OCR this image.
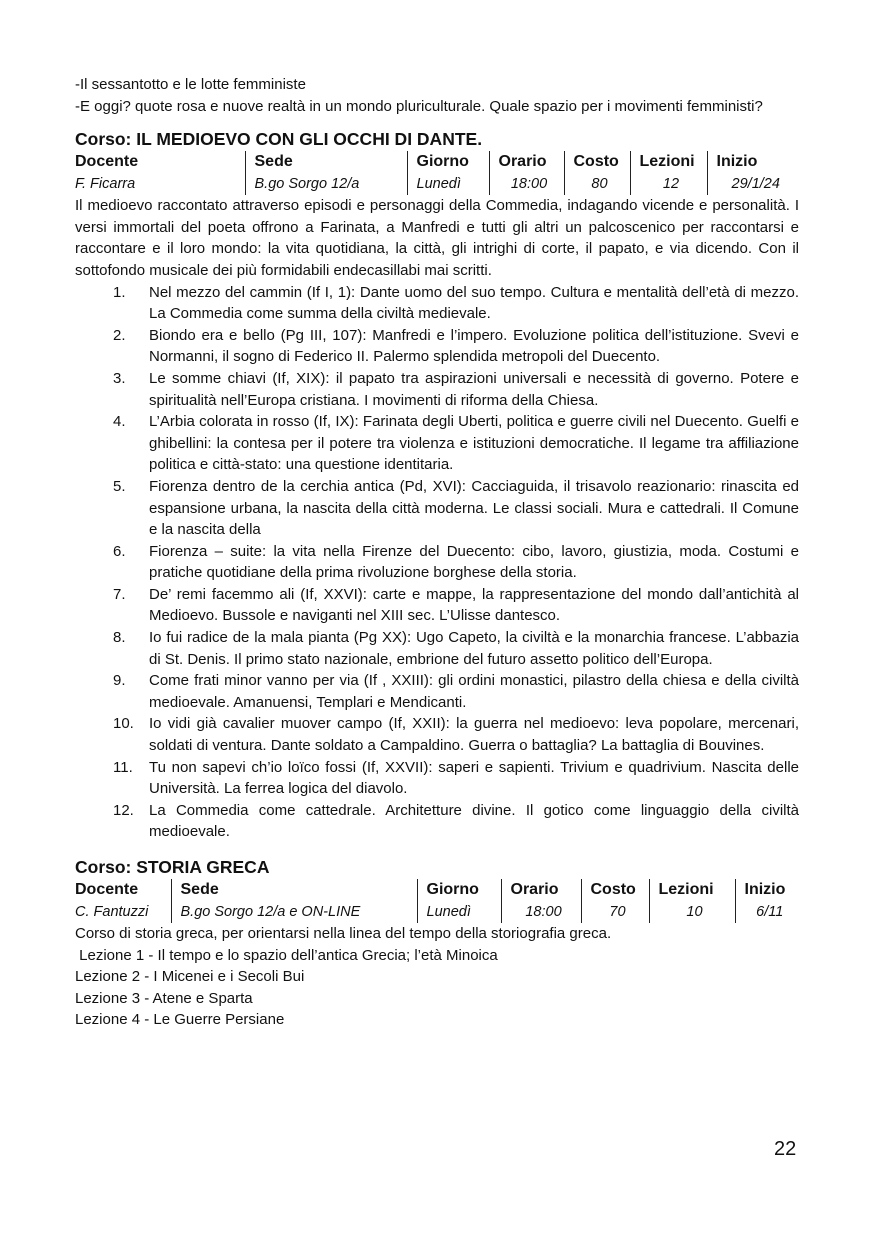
-Il sessantotto e le lotte femministe

-E oggi? quote rosa e nuove realtà in un mondo pluriculturale. Quale spazio per i movimenti femministi?

Corso: IL MEDIOEVO CON GLI OCCHI DI DANTE.
Docente	Sede	Giorno	Orario	Costo	Lezioni	Inizio
F. Ficarra	B.go Sorgo 12/a	Lunedì	18:00	80	12	29/1/24

Il medioevo raccontato attraverso episodi e personaggi della Commedia, indagando vicende e personalità. I versi immortali del poeta offrono a Farinata, a Manfredi e tutti gli altri un palcoscenico per raccontarsi e raccontare e il loro mondo: la vita quotidiana, la città, gli intrighi di corte, il papato, e via dicendo. Con il sottofondo musicale dei più formidabili endecasillabi mai scritti.

1. Nel mezzo del cammin (If I, 1): Dante uomo del suo tempo. Cultura e mentalità dell’età di mezzo. La Commedia come summa della civiltà medievale.
2. Biondo era e bello (Pg III, 107): Manfredi e l’impero. Evoluzione politica dell’istituzione. Svevi e Normanni, il sogno di Federico II. Palermo splendida metropoli del Duecento.
3. Le somme chiavi (If, XIX): il papato tra aspirazioni universali e necessità di governo. Potere e spiritualità nell’Europa cristiana. I movimenti di riforma della Chiesa.
4. L’Arbia colorata in rosso (If, IX): Farinata degli Uberti, politica e guerre civili nel Duecento. Guelfi e ghibellini: la contesa per il potere tra violenza e istituzioni democratiche. Il legame tra affiliazione politica e città-stato: una questione identitaria.
5. Fiorenza dentro de la cerchia antica (Pd, XVI): Cacciaguida, il trisavolo reazionario: rinascita ed espansione urbana, la nascita della città moderna. Le classi sociali. Mura e cattedrali. Il Comune e la nascita della
6. Fiorenza – suite: la vita nella Firenze del Duecento: cibo, lavoro, giustizia, moda. Costumi e pratiche quotidiane della prima rivoluzione borghese della storia.
7. De’ remi facemmo ali (If, XXVI): carte e mappe, la rappresentazione del mondo dall’antichità al Medioevo. Bussole e naviganti nel XIII sec. L’Ulisse dantesco.
8. Io fui radice de la mala pianta (Pg XX): Ugo Capeto, la civiltà e la monarchia francese. L’abbazia di St. Denis. Il primo stato nazionale, embrione del futuro assetto politico dell’Europa.
9. Come frati minor vanno per via (If , XXIII): gli ordini monastici, pilastro della chiesa e della civiltà medioevale. Amanuensi, Templari e Mendicanti.
10. Io vidi già cavalier muover campo (If, XXII): la guerra nel medioevo: leva popolare, mercenari, soldati di ventura. Dante soldato a Campaldino. Guerra o battaglia? La battaglia di Bouvines.
11. Tu non sapevi ch’io loïco fossi (If, XXVII): saperi e sapienti. Trivium e quadrivium. Nascita delle Università. La ferrea logica del diavolo.
12. La Commedia come cattedrale. Architetture divine. Il gotico come linguaggio della civiltà medioevale.
Corso: STORIA GRECA
Docente	Sede	Giorno	Orario	Costo	Lezioni	Inizio
C. Fantuzzi	B.go Sorgo 12/a e ON-LINE	Lunedì	18:00	70	10	6/11

Corso di storia greca, per orientarsi nella linea del tempo della storiografia greca.

Lezione 1 - Il tempo e lo spazio dell’antica Grecia; l’età Minoica

Lezione 2 - I Micenei e i Secoli Bui

Lezione 3 - Atene e Sparta

Lezione 4 - Le Guerre Persiane

22
